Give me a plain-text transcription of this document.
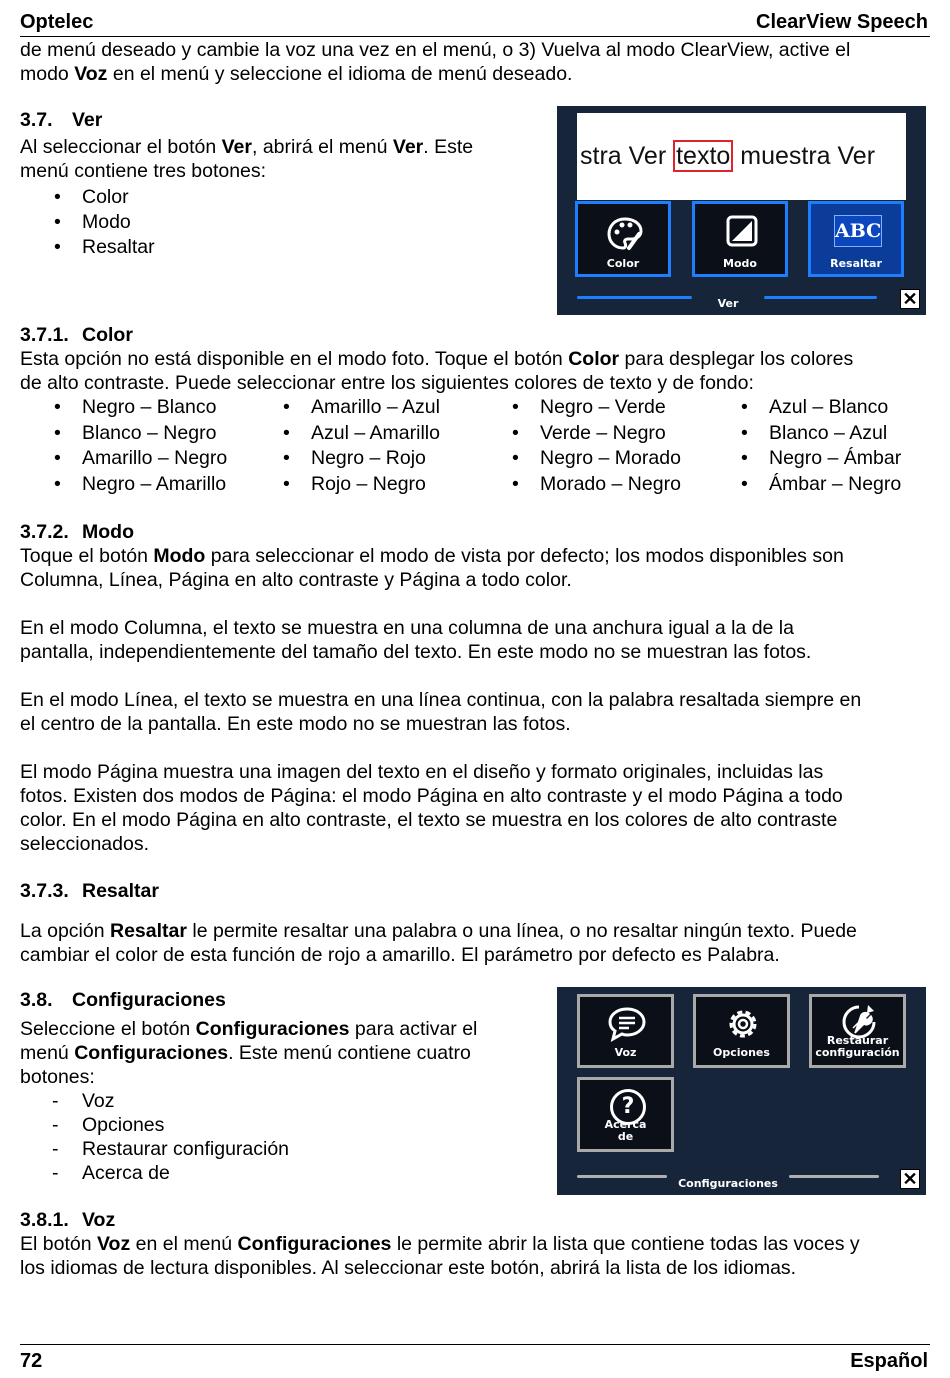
Optelec	ClearView Speech

de menú deseado y cambie la voz una vez en el menú, o 3) Vuelva al modo ClearView, active el

modo Voz en el menú y seleccione el idioma de menú deseado.

3.7. Ver

Al seleccionar el botón Ver, abrirá el menú Ver. Este

menú contiene tres botones:

• Color
• Modo
• Resaltar
stra Ver texto muestra Ver
Color	Modo
ABC
Resaltar
Ver	✕
3.7.1. Color

Esta opción no está disponible en el modo foto. Toque el botón Color para desplegar los colores

de alto contraste. Puede seleccionar entre los siguientes colores de texto y de fondo:

• Negro – Blanco
• Blanco – Negro
• Amarillo – Negro
• Negro – Amarillo
• Amarillo – Azul
• Azul – Amarillo
• Negro – Rojo
• Rojo – Negro
• Negro – Verde
• Verde – Negro
• Negro – Morado
• Morado – Negro
• Azul – Blanco
• Blanco – Azul
• Negro – Ámbar
• Ámbar – Negro
3.7.2. Modo

Toque el botón Modo para seleccionar el modo de vista por defecto; los modos disponibles son

Columna, Línea, Página en alto contraste y Página a todo color.

En el modo Columna, el texto se muestra en una columna de una anchura igual a la de la

pantalla, independientemente del tamaño del texto. En este modo no se muestran las fotos.

En el modo Línea, el texto se muestra en una línea continua, con la palabra resaltada siempre en

el centro de la pantalla. En este modo no se muestran las fotos.

El modo Página muestra una imagen del texto en el diseño y formato originales, incluidas las

fotos. Existen dos modos de Página: el modo Página en alto contraste y el modo Página a todo

color. En el modo Página en alto contraste, el texto se muestra en los colores de alto contraste

seleccionados.

3.7.3. Resaltar

La opción Resaltar le permite resaltar una palabra o una línea, o no resaltar ningún texto. Puede

cambiar el color de esta función de rojo a amarillo. El parámetro por defecto es Palabra.

3.8. Configuraciones

Seleccione el botón Configuraciones para activar el

menú Configuraciones. Este menú contiene cuatro

botones:

- Voz
- Opciones
- Restaurar configuración
- Acerca de
Voz	Opciones
Restaurar
configuración
?
Acerca
de
Configuraciones	✕
3.8.1. Voz

El botón Voz en el menú Configuraciones le permite abrir la lista que contiene todas las voces y

los idiomas de lectura disponibles. Al seleccionar este botón, abrirá la lista de los idiomas.

72	Español
